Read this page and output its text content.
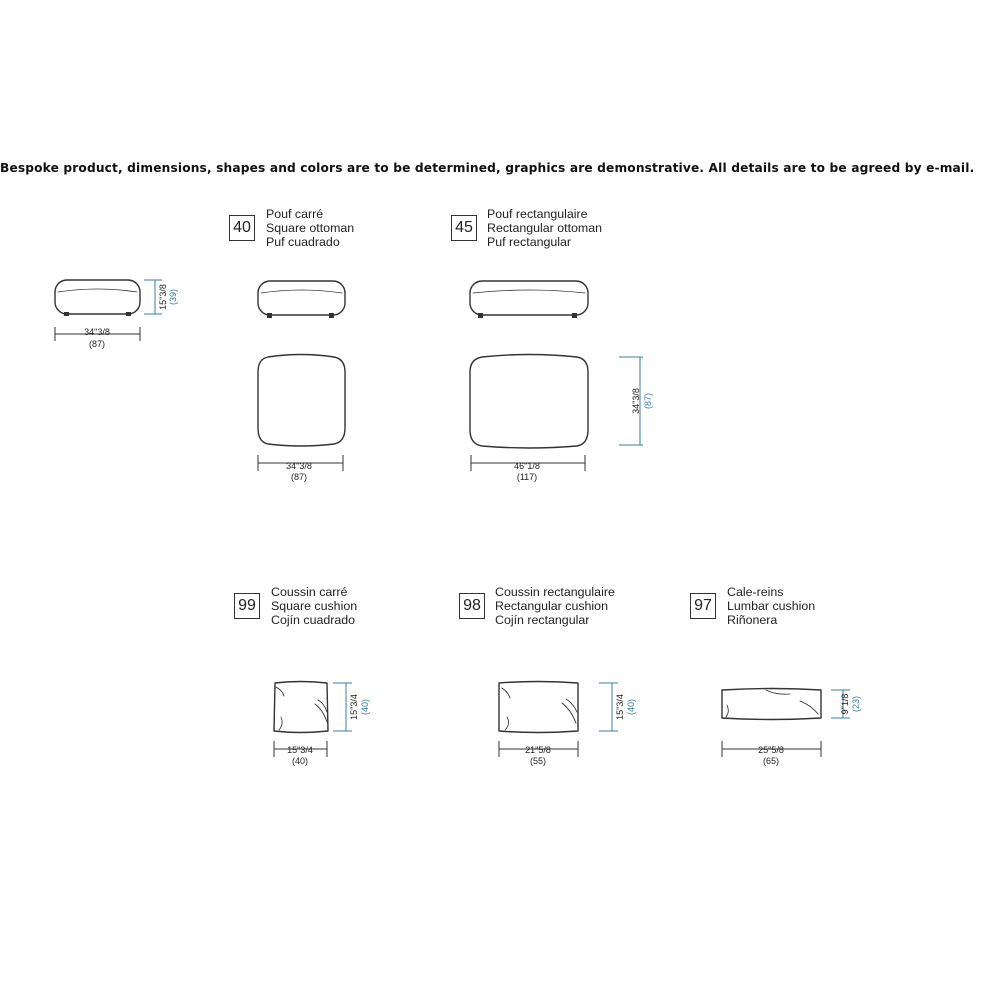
Bespoke product, dimensions, shapes and colors are to be determined, graphics are demonstrative. All details are to be agreed by e-mail.
40
Pouf carré
Square ottoman
Puf cuadrado
45
Pouf rectangulaire
Rectangular ottoman
Puf rectangular
99
Coussin carré
Square cushion
Cojín cuadrado
98
Coussin rectangulaire
Rectangular cushion
Cojín rectangular
97
Cale-reins
Lumbar cushion
Riñonera
34"3/8
(87)
34"3/8
(87)
46"1/8
(117)
15"3/4
(40)
21"5/8
(55)
25"5/8
(65)
15"3/8 (39)
34"3/8 (87)
15"3/4 (40)	15"3/4 (40)	9"1/8 (23)
